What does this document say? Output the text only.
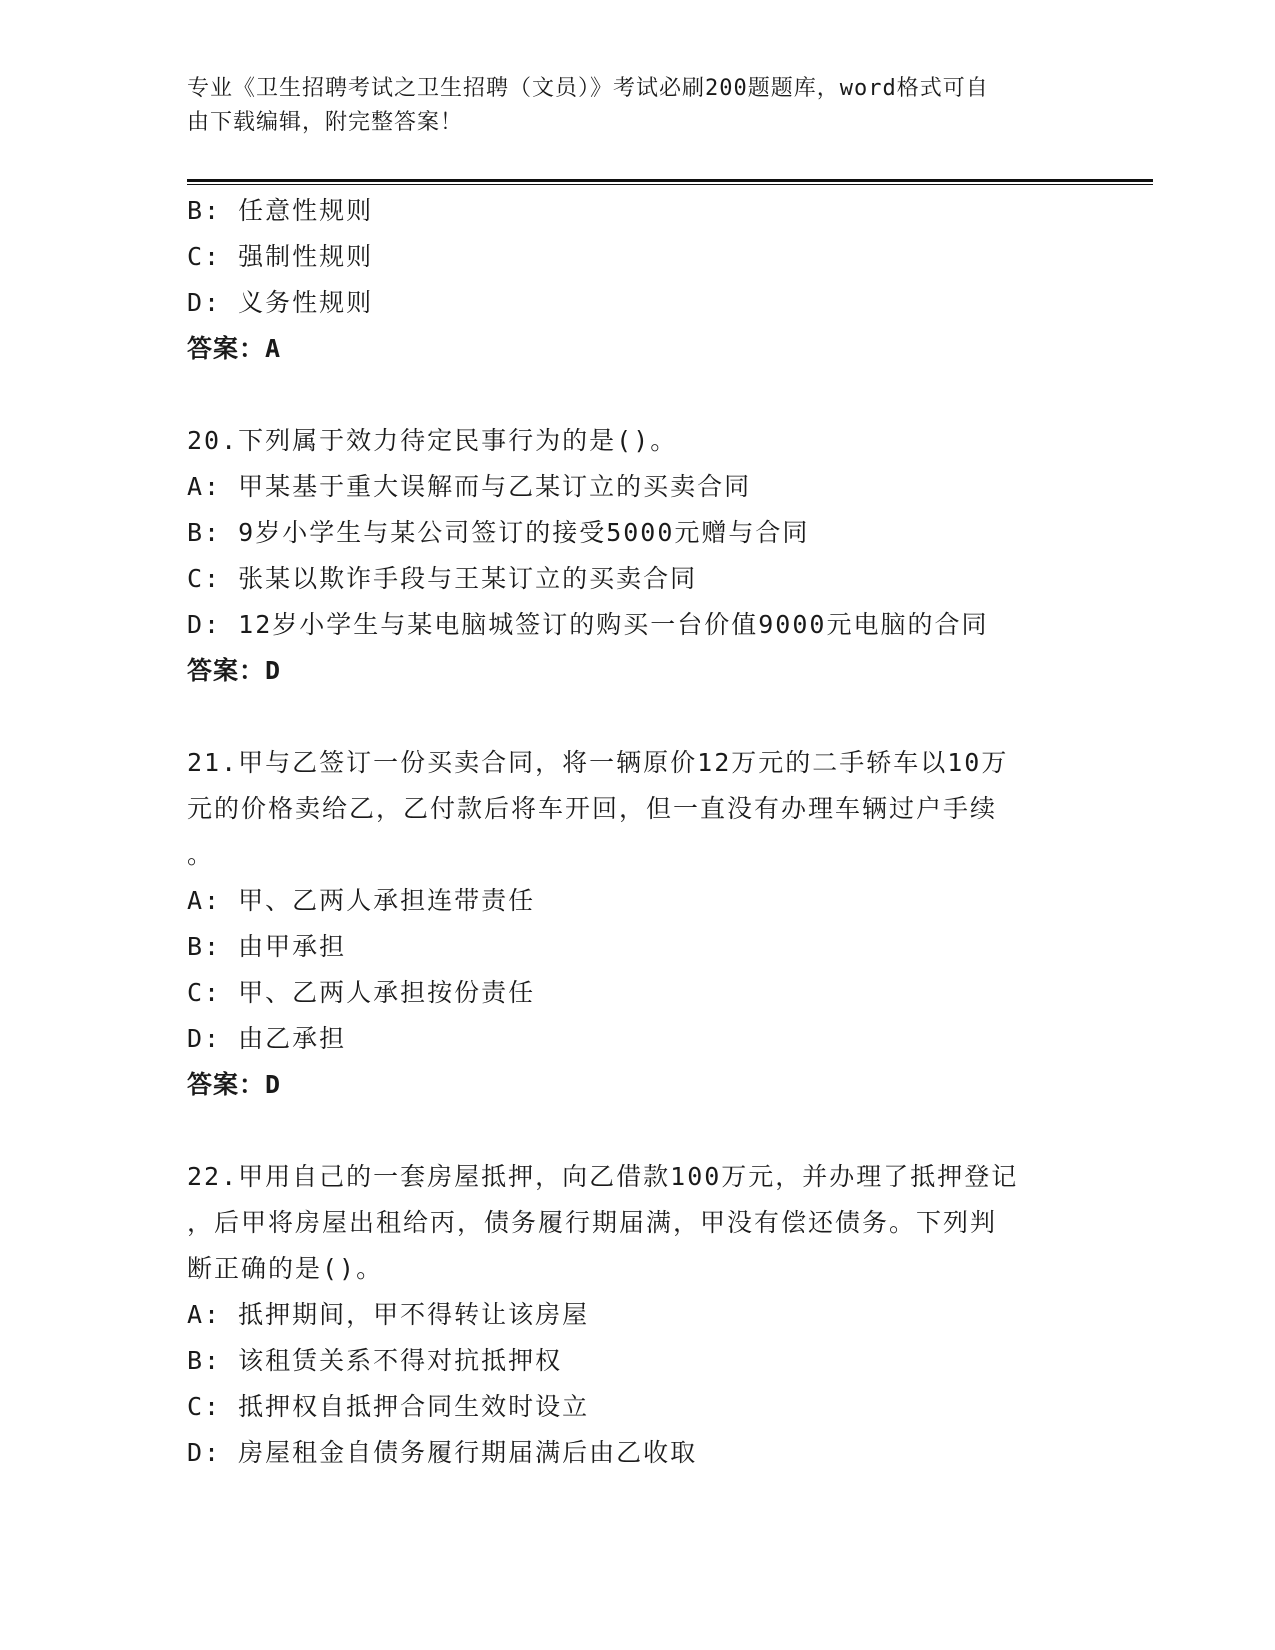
专业《卫生招聘考试之卫生招聘（文员）》考试必刷200题题库，word格式可自
由下载编辑，附完整答案！
B: 任意性规则
C: 强制性规则
D: 义务性规则
答案：A
20.下列属于效力待定民事行为的是()。
A: 甲某基于重大误解而与乙某订立的买卖合同
B: 9岁小学生与某公司签订的接受5000元赠与合同
C: 张某以欺诈手段与王某订立的买卖合同
D: 12岁小学生与某电脑城签订的购买一台价值9000元电脑的合同
答案：D
21.甲与乙签订一份买卖合同，将一辆原价12万元的二手轿车以10万
元的价格卖给乙，乙付款后将车开回，但一直没有办理车辆过户手续
。
A: 甲、乙两人承担连带责任
B: 由甲承担
C: 甲、乙两人承担按份责任
D: 由乙承担
答案：D
22.甲用自己的一套房屋抵押，向乙借款100万元，并办理了抵押登记
，后甲将房屋出租给丙，债务履行期届满，甲没有偿还债务。下列判
断正确的是()。
A: 抵押期间，甲不得转让该房屋
B: 该租赁关系不得对抗抵押权
C: 抵押权自抵押合同生效时设立
D: 房屋租金自债务履行期届满后由乙收取
